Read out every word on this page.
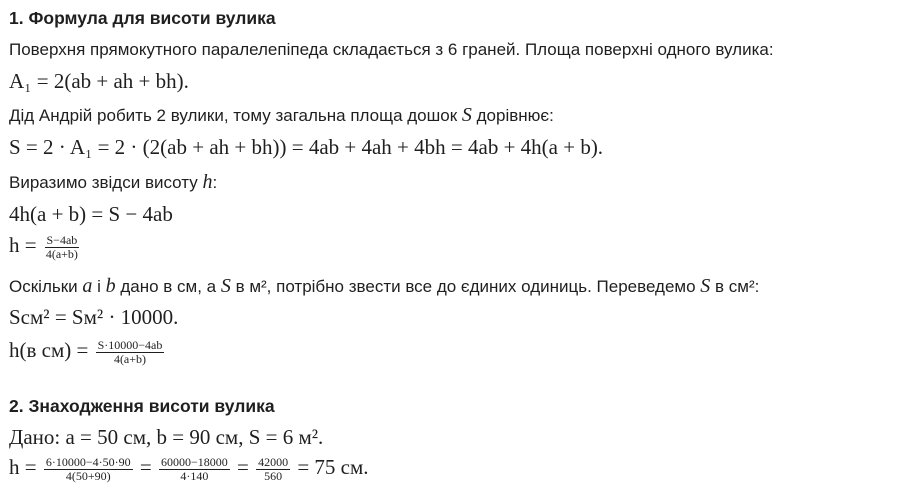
1. Формула для висоти вулика
Поверхня прямокутного паралелепіпеда складається з 6 граней. Площа поверхні одного вулика:
A₁ = 2(ab + ah + bh).
Дід Андрій робить 2 вулики, тому загальна площа дошок S дорівнює:
S = 2 · A₁ = 2 · (2(ab + ah + bh)) = 4ab + 4ah + 4bh = 4ab + 4h(a + b).
Виразимо звідси висоту h:
4h(a + b) = S − 4ab
$h = \frac{S-4ab}{4(a+b)}$
Оскільки a і b дано в см, а S в м², потрібно звести все до єдиних одиниць. Переведемо S в см²:
Sсм² = Sм² · 10000.
h(в $см) = \frac{S\cdot 10000-4ab}{4(a+b)}$
2. Знаходження висоти вулика
Дано: a = 50 см, b = 90 см, S = 6 м².
$h = \frac{6\cdot 10000-4\cdot 50\cdot 90}{4(50+90)} = \frac{60000-18000}{4\cdot 140} = \frac{42000}{560} = 75$ см.
